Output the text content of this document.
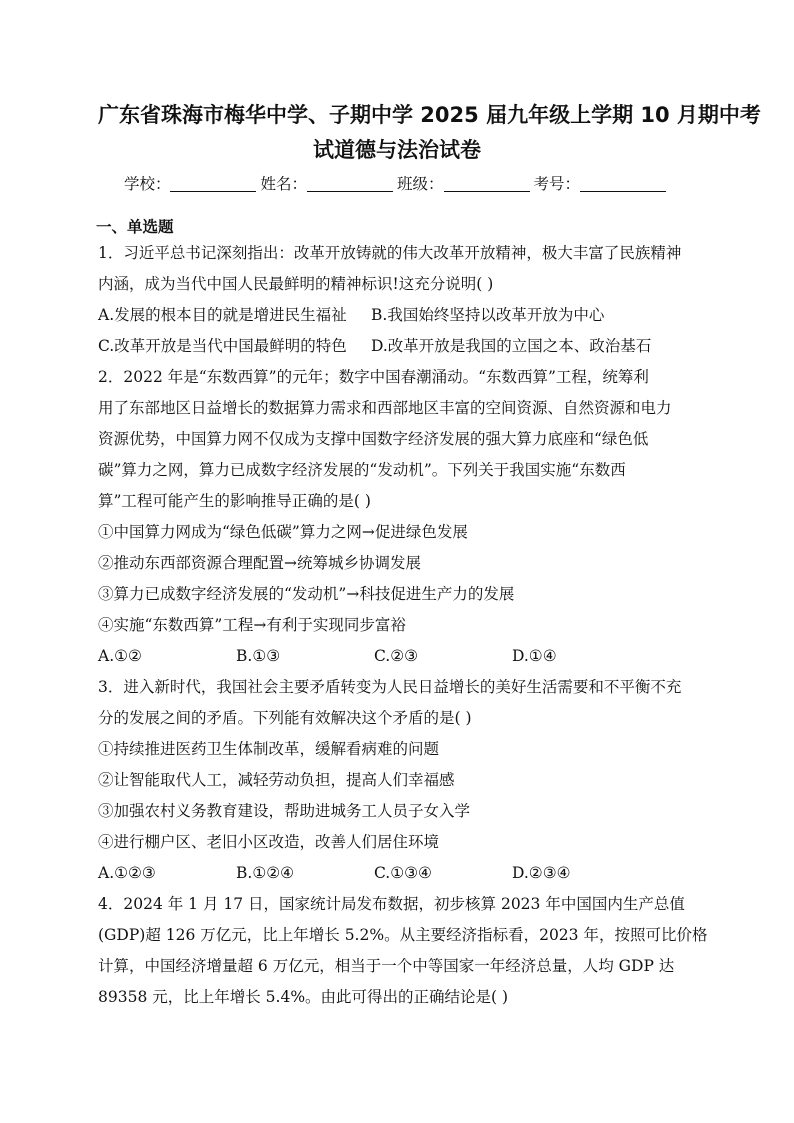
广东省珠海市梅华中学、子期中学 2025 届九年级上学期 10 月期中考
试道德与法治试卷
学校：	姓名：	班级：	考号：
一、单选题
1．习近平总书记深刻指出：改革开放铸就的伟大改革开放精神，极大丰富了民族精神
内涵，成为当代中国人民最鲜明的精神标识!这充分说明( )
A.发展的根本目的就是增进民生福祉	B.我国始终坚持以改革开放为中心
C.改革开放是当代中国最鲜明的特色	D.改革开放是我国的立国之本、政治基石
2．2022 年是“东数西算”的元年；数字中国春潮涌动。“东数西算”工程，统筹利
用了东部地区日益增长的数据算力需求和西部地区丰富的空间资源、自然资源和电力
资源优势，中国算力网不仅成为支撑中国数字经济发展的强大算力底座和“绿色低
碳”算力之网，算力已成数字经济发展的“发动机”。下列关于我国实施“东数西
算”工程可能产生的影响推导正确的是( )
①中国算力网成为“绿色低碳”算力之网→促进绿色发展
②推动东西部资源合理配置→统筹城乡协调发展
③算力已成数字经济发展的“发动机”→科技促进生产力的发展
④实施“东数西算”工程→有利于实现同步富裕
A.①②	B.①③	C.②③	D.①④
3．进入新时代，我国社会主要矛盾转变为人民日益增长的美好生活需要和不平衡不充
分的发展之间的矛盾。下列能有效解决这个矛盾的是( )
①持续推进医药卫生体制改革，缓解看病难的问题
②让智能取代人工，减轻劳动负担，提高人们幸福感
③加强农村义务教育建设，帮助进城务工人员子女入学
④进行棚户区、老旧小区改造，改善人们居住环境
A.①②③	B.①②④	C.①③④	D.②③④
4．2024 年 1 月 17 日，国家统计局发布数据，初步核算 2023 年中国国内生产总值
(GDP)超 126 万亿元，比上年增长 5.2%。从主要经济指标看，2023 年，按照可比价格
计算，中国经济增量超 6 万亿元，相当于一个中等国家一年经济总量，人均 GDP 达
89358 元，比上年增长 5.4%。由此可得出的正确结论是( )
